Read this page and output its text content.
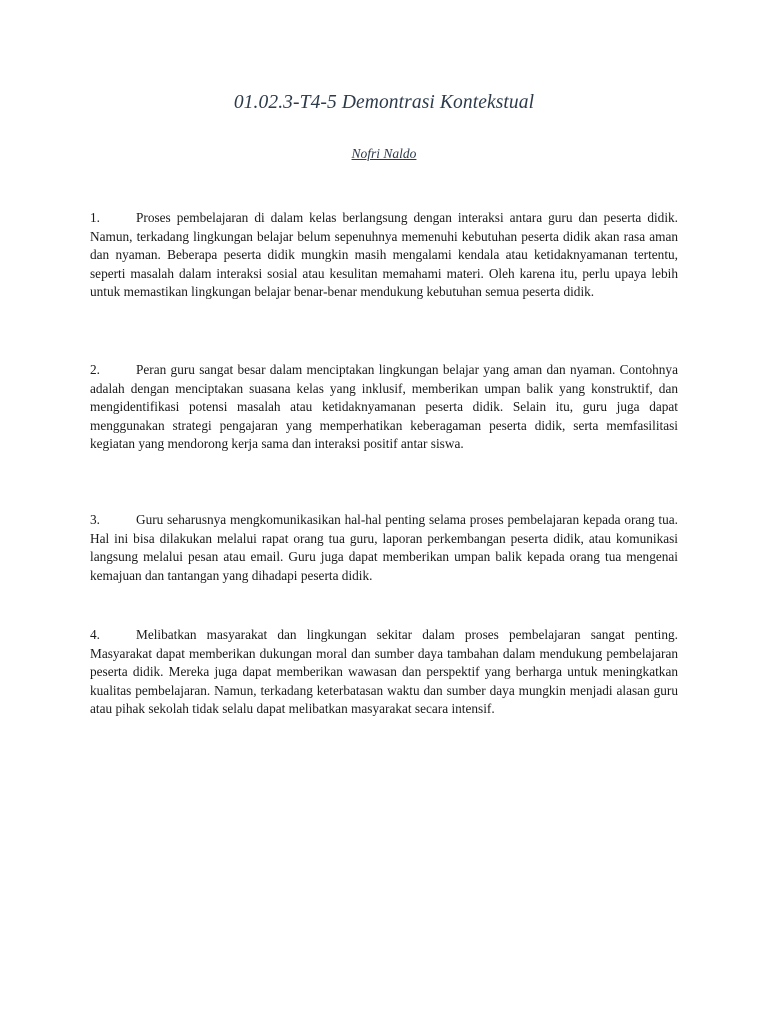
01.02.3-T4-5 Demontrasi Kontekstual
Nofri Naldo

1.	Proses pembelajaran di dalam kelas berlangsung dengan interaksi antara guru dan peserta didik. Namun, terkadang lingkungan belajar belum sepenuhnya memenuhi kebutuhan peserta didik akan rasa aman dan nyaman. Beberapa peserta didik mungkin masih mengalami kendala atau ketidaknyamanan tertentu, seperti masalah dalam interaksi sosial atau kesulitan memahami materi. Oleh karena itu, perlu upaya lebih untuk memastikan lingkungan belajar benar-benar mendukung kebutuhan semua peserta didik.

2.	Peran guru sangat besar dalam menciptakan lingkungan belajar yang aman dan nyaman. Contohnya adalah dengan menciptakan suasana kelas yang inklusif, memberikan umpan balik yang konstruktif, dan mengidentifikasi potensi masalah atau ketidaknyamanan peserta didik. Selain itu, guru juga dapat menggunakan strategi pengajaran yang memperhatikan keberagaman peserta didik, serta memfasilitasi kegiatan yang mendorong kerja sama dan interaksi positif antar siswa.

3.	Guru seharusnya mengkomunikasikan hal-hal penting selama proses pembelajaran kepada orang tua. Hal ini bisa dilakukan melalui rapat orang tua guru, laporan perkembangan peserta didik, atau komunikasi langsung melalui pesan atau email. Guru juga dapat memberikan umpan balik kepada orang tua mengenai kemajuan dan tantangan yang dihadapi peserta didik.

4.	Melibatkan masyarakat dan lingkungan sekitar dalam proses pembelajaran sangat penting. Masyarakat dapat memberikan dukungan moral dan sumber daya tambahan dalam mendukung pembelajaran peserta didik. Mereka juga dapat memberikan wawasan dan perspektif yang berharga untuk meningkatkan kualitas pembelajaran. Namun, terkadang keterbatasan waktu dan sumber daya mungkin menjadi alasan guru atau pihak sekolah tidak selalu dapat melibatkan masyarakat secara intensif.
